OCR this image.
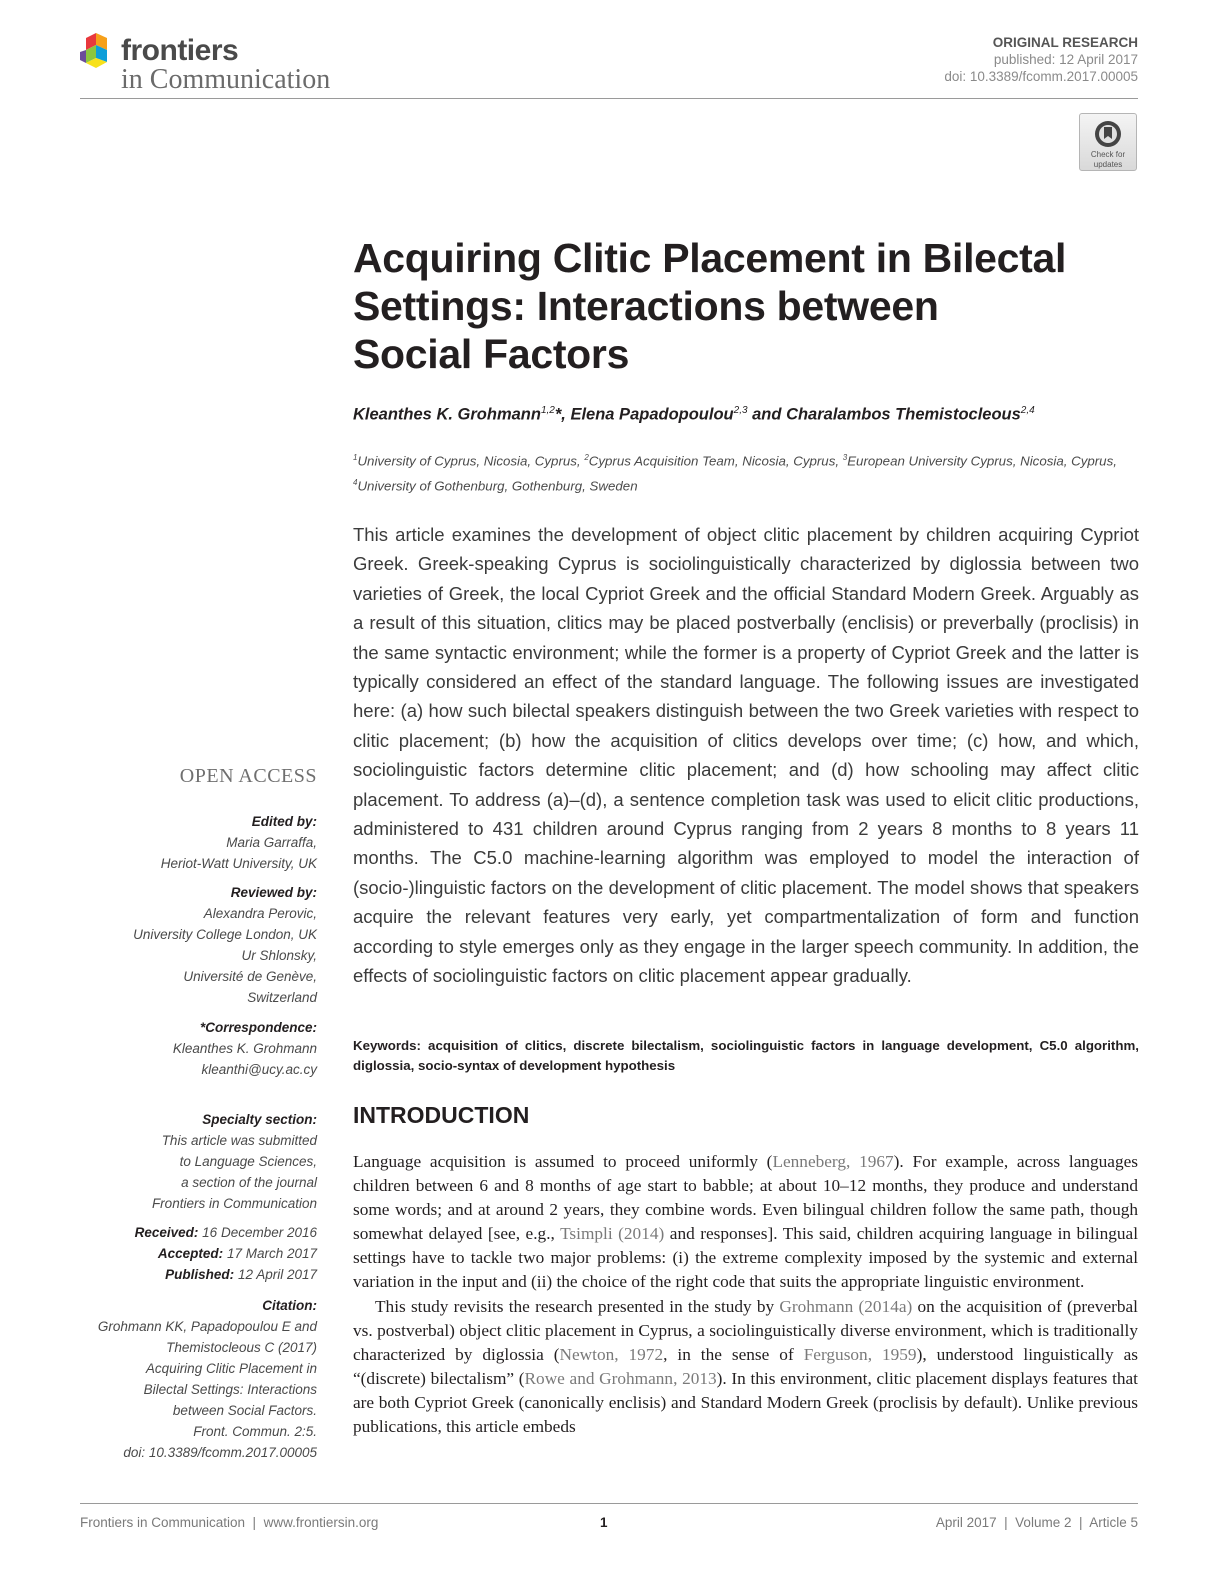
frontiers
in Communication
ORIGINAL RESEARCH
published: 12 April 2017
doi: 10.3389/fcomm.2017.00005
Check for
updates
Acquiring Clitic Placement in Bilectal
Settings: Interactions between
Social Factors
Kleanthes K. Grohmann$^{1,2}$*, Elena Papadopoulou$^{2,3}$ and Charalambos Themistocleous$^{2,4}$
$^1$University of Cyprus, Nicosia, Cyprus, $^2$Cyprus Acquisition Team, Nicosia, Cyprus, $^3$European University Cyprus, Nicosia, Cyprus, $^4$University of Gothenburg, Gothenburg, Sweden
This article examines the development of object clitic placement by children acquiring Cypriot Greek. Greek-speaking Cyprus is sociolinguistically characterized by diglossia between two varieties of Greek, the local Cypriot Greek and the official Standard Modern Greek. Arguably as a result of this situation, clitics may be placed postverbally (enclisis) or preverbally (proclisis) in the same syntactic environment; while the former is a property of Cypriot Greek and the latter is typically considered an effect of the standard language. The following issues are investigated here: (a) how such bilectal speakers distinguish between the two Greek varieties with respect to clitic placement; (b) how the acquisition of clitics develops over time; (c) how, and which, sociolinguistic factors determine clitic placement; and (d) how schooling may affect clitic placement. To address (a)–(d), a sentence completion task was used to elicit clitic productions, administered to 431 children around Cyprus ranging from 2 years 8 months to 8 years 11 months. The C5.0 machine-learning algorithm was employed to model the interaction of (socio-)linguistic factors on the development of clitic placement. The model shows that speakers acquire the relevant features very early, yet compartmentalization of form and function according to style emerges only as they engage in the larger speech community. In addition, the effects of sociolinguistic factors on clitic placement appear gradually.
Keywords: acquisition of clitics, discrete bilectalism, sociolinguistic factors in language development, C5.0 algorithm, diglossia, socio-syntax of development hypothesis
INTRODUCTION

Language acquisition is assumed to proceed uniformly (Lenneberg, 1967). For example, across languages children between 6 and 8 months of age start to babble; at about 10–12 months, they produce and understand some words; and at around 2 years, they combine words. Even bilingual children follow the same path, though somewhat delayed [see, e.g., Tsimpli (2014) and responses]. This said, children acquiring language in bilingual settings have to tackle two major problems: (i) the extreme complexity imposed by the systemic and external variation in the input and (ii) the choice of the right code that suits the appropriate linguistic environment.

This study revisits the research presented in the study by Grohmann (2014a) on the acquisition of (preverbal vs. postverbal) object clitic placement in Cyprus, a sociolinguistically diverse environment, which is traditionally characterized by diglossia (Newton, 1972, in the sense of Ferguson, 1959), understood linguistically as “(discrete) bilectalism” (Rowe and Grohmann, 2013). In this environment, clitic placement displays features that are both Cypriot Greek (canonically enclisis) and Standard Modern Greek (proclisis by default). Unlike previous publications, this article embeds

OPEN ACCESS
Edited by:
Maria Garraffa,
Heriot-Watt University, UK
Reviewed by:
Alexandra Perovic,
University College London, UK
Ur Shlonsky,
Université de Genève,
Switzerland
*Correspondence:
Kleanthes K. Grohmann
kleanthi@ucy.ac.cy
Specialty section:
This article was submitted
to Language Sciences,
a section of the journal
Frontiers in Communication
Received: 16 December 2016
Accepted: 17 March 2017
Published: 12 April 2017
Citation:
Grohmann KK, Papadopoulou E and
Themistocleous C (2017)
Acquiring Clitic Placement in
Bilectal Settings: Interactions
between Social Factors.
Front. Commun. 2:5.
doi: 10.3389/fcomm.2017.00005
Frontiers in Communication  |  www.frontiersin.org	1	April 2017  |  Volume 2  |  Article 5
